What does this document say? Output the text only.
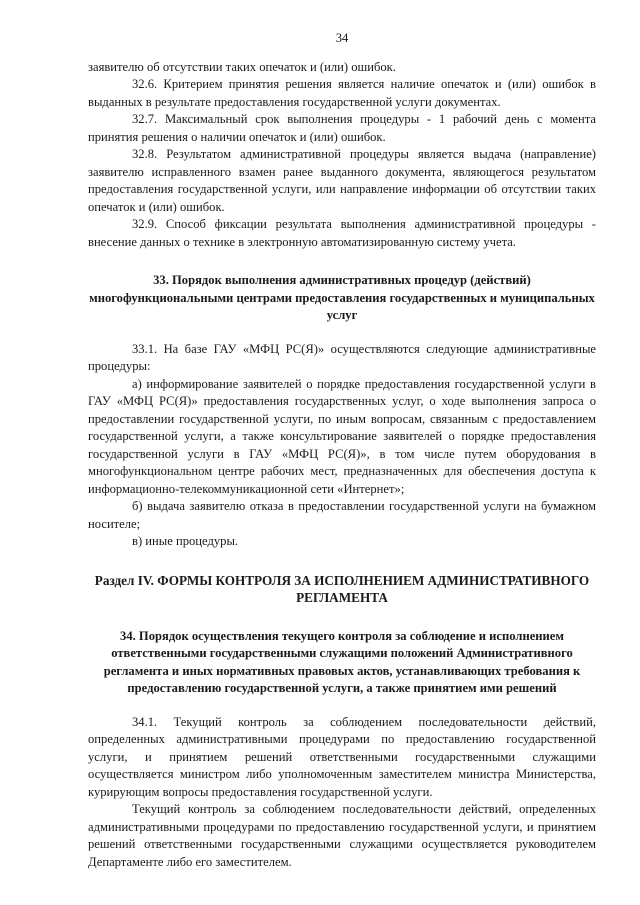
34

заявителю об отсутствии таких опечаток и (или) ошибок.

32.6. Критерием принятия решения является наличие опечаток и (или) ошибок в выданных в результате предоставления государственной услуги документах.

32.7. Максимальный срок выполнения процедуры - 1 рабочий день с момента принятия решения о наличии опечаток и (или) ошибок.

32.8. Результатом административной процедуры является выдача (направление) заявителю исправленного взамен ранее выданного документа, являющегося результатом предоставления государственной услуги, или направление информации об отсутствии таких опечаток и (или) ошибок.

32.9. Способ фиксации результата выполнения административной процедуры - внесение данных о технике в электронную автоматизированную систему учета.

33. Порядок выполнения административных процедур (действий) многофункциональными центрами предоставления государственных и муниципальных услуг

33.1. На базе ГАУ «МФЦ РС(Я)» осуществляются следующие административные процедуры:

а) информирование заявителей о порядке предоставления государственной услуги в ГАУ «МФЦ РС(Я)» предоставления государственных услуг, о ходе выполнения запроса о предоставлении государственной услуги, по иным вопросам, связанным с предоставлением государственной услуги, а также консультирование заявителей о порядке предоставления государственной услуги в ГАУ «МФЦ РС(Я)», в том числе путем оборудования в многофункциональном центре рабочих мест, предназначенных для обеспечения доступа к информационно-телекоммуникационной сети «Интернет»;

б) выдача заявителю отказа в предоставлении государственной услуги на бумажном носителе;

в) иные процедуры.

Раздел IV. ФОРМЫ КОНТРОЛЯ ЗА ИСПОЛНЕНИЕМ АДМИНИСТРАТИВНОГО РЕГЛАМЕНТА

34. Порядок осуществления текущего контроля за соблюдение и исполнением ответственными государственными служащими положений Административного регламента и иных нормативных правовых актов, устанавливающих требования к предоставлению государственной услуги, а также принятием ими решений

34.1. Текущий контроль за соблюдением последовательности действий, определенных административными процедурами по предоставлению государственной услуги, и принятием решений ответственными государственными служащими осуществляется министром либо уполномоченным заместителем министра Министерства, курирующим вопросы предоставления государственной услуги.

Текущий контроль за соблюдением последовательности действий, определенных административными процедурами по предоставлению государственной услуги, и принятием решений ответственными государственными служащими осуществляется руководителем Департаменте либо его заместителем.
